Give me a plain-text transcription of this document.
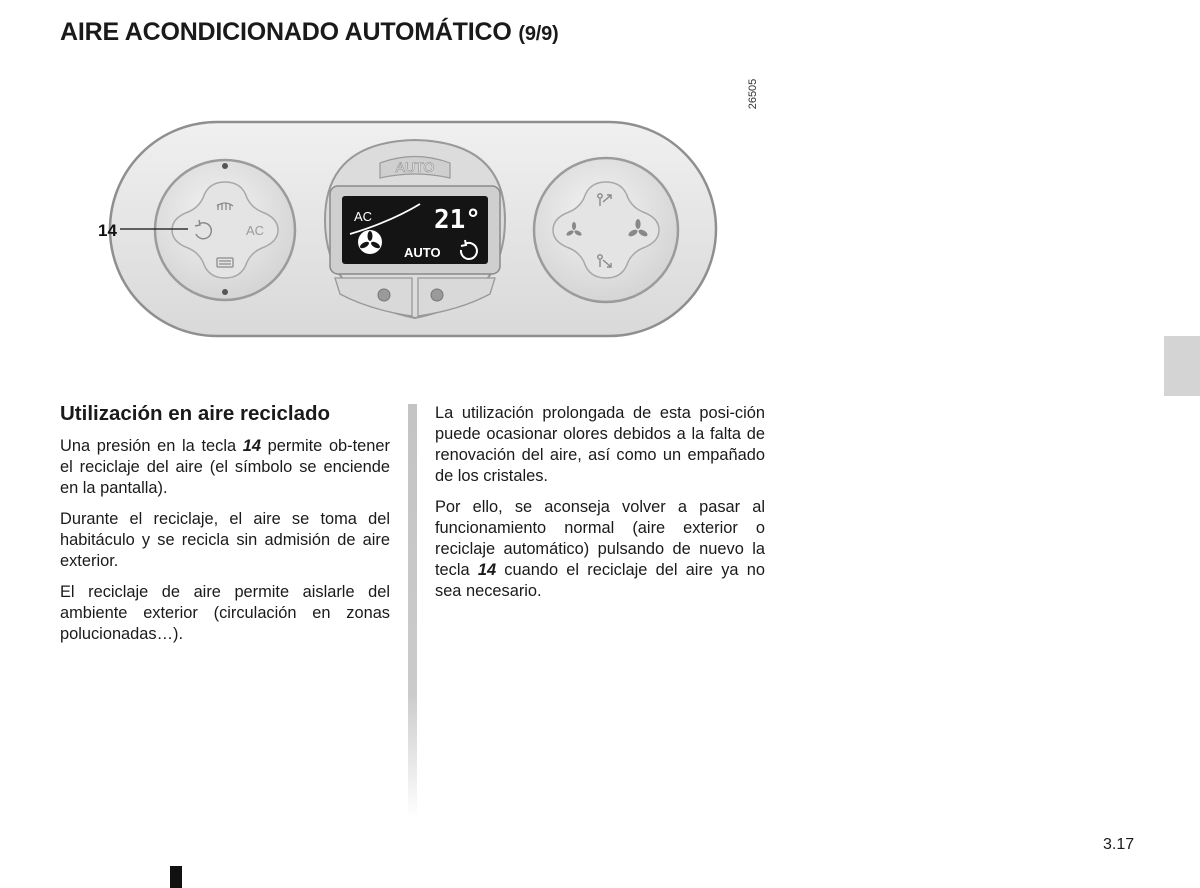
AIRE ACONDICIONADO AUTOMÁTICO (9/9)
26505
AC
14
AUTO
AC 21°
AUTO
Utilización en aire reciclado

Una presión en la tecla 14 permite ob-tener el reciclaje del aire (el símbolo se enciende en la pantalla).

Durante el reciclaje, el aire se toma del habitáculo y se recicla sin admisión de aire exterior.

El reciclaje de aire permite aislarle del ambiente exterior (circulación en zonas polucionadas…).

La utilización prolongada de esta posi-ción puede ocasionar olores debidos a la falta de renovación del aire, así como un empañado de los cristales.

Por ello, se aconseja volver a pasar al funcionamiento normal (aire exterior o reciclaje automático) pulsando de nuevo la tecla 14 cuando el reciclaje del aire ya no sea necesario.

3.17
